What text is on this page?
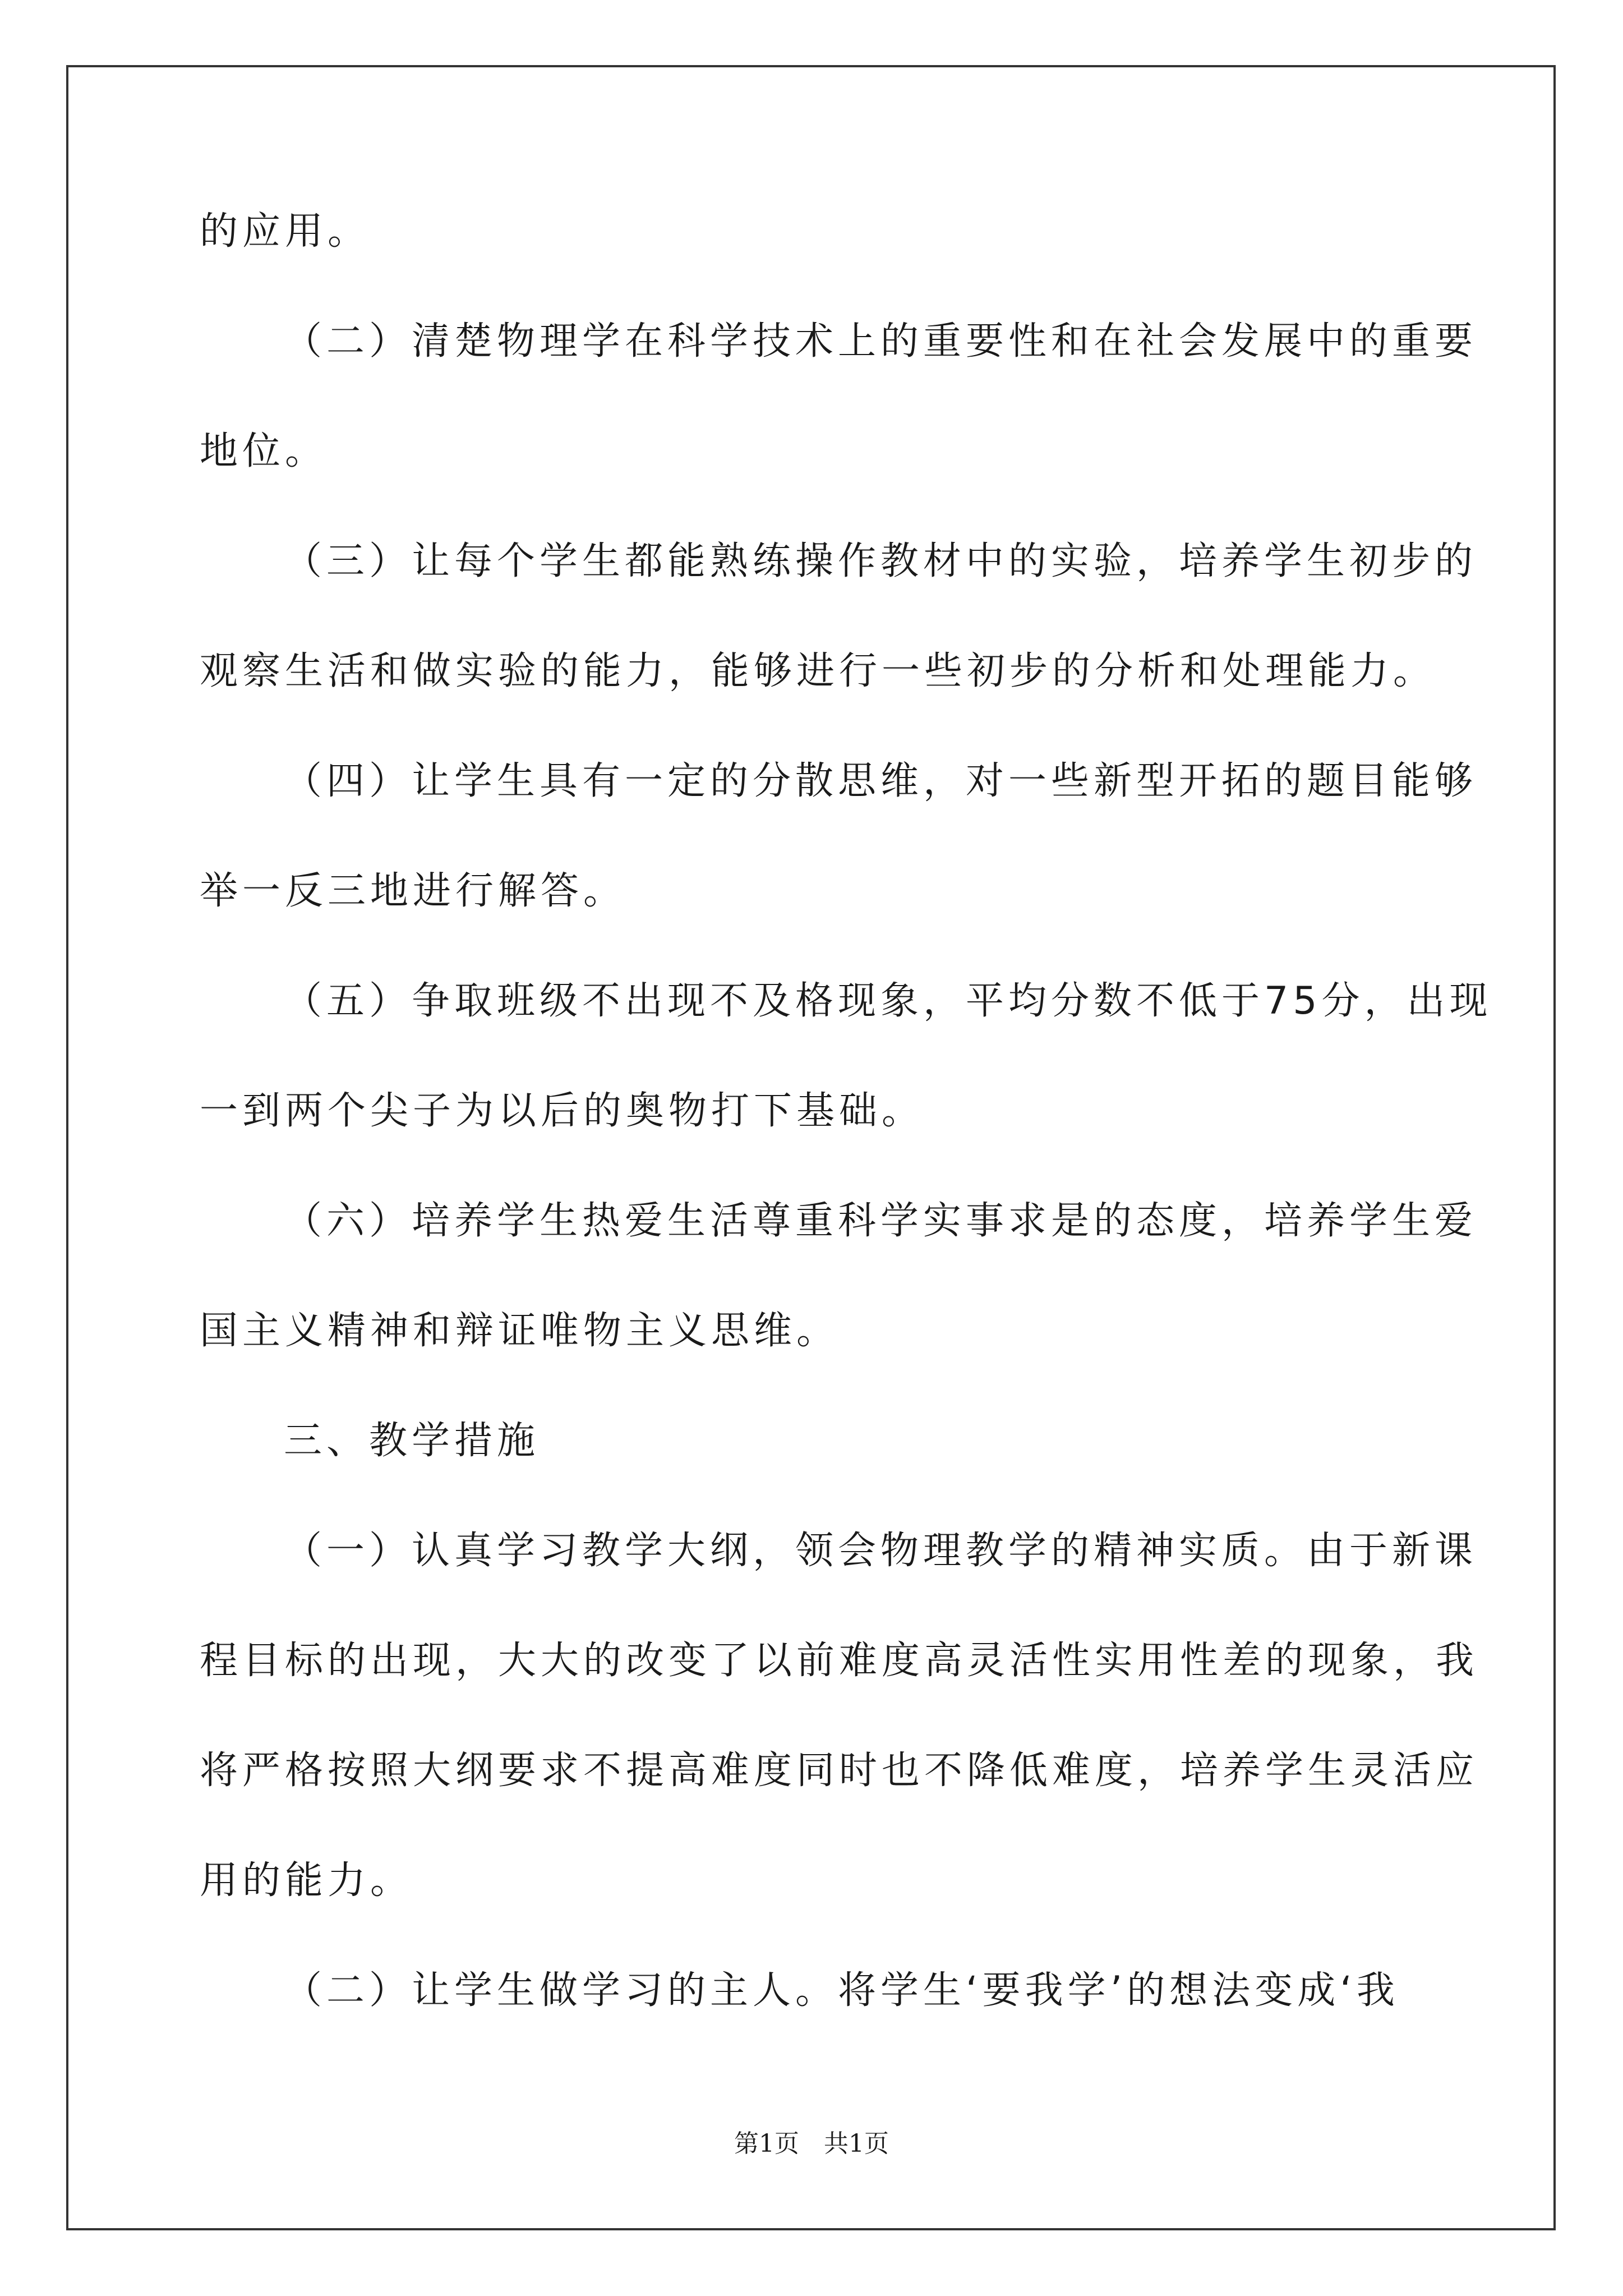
的应用。
（二）清楚物理学在科学技术上的重要性和在社会发展中的重要
地位。
（三）让每个学生都能熟练操作教材中的实验，培养学生初步的
观察生活和做实验的能力，能够进行一些初步的分析和处理能力。
（四）让学生具有一定的分散思维，对一些新型开拓的题目能够
举一反三地进行解答。
（五）争取班级不出现不及格现象，平均分数不低于75分，出现
一到两个尖子为以后的奥物打下基础。
（六）培养学生热爱生活尊重科学实事求是的态度，培养学生爱
国主义精神和辩证唯物主义思维。
三、教学措施
（一）认真学习教学大纲，领会物理教学的精神实质。由于新课
程目标的出现，大大的改变了以前难度高灵活性实用性差的现象，我
将严格按照大纲要求不提高难度同时也不降低难度，培养学生灵活应
用的能力。
（二）让学生做学习的主人。将学生‘要我学’的想法变成‘我
第1页　共1页
